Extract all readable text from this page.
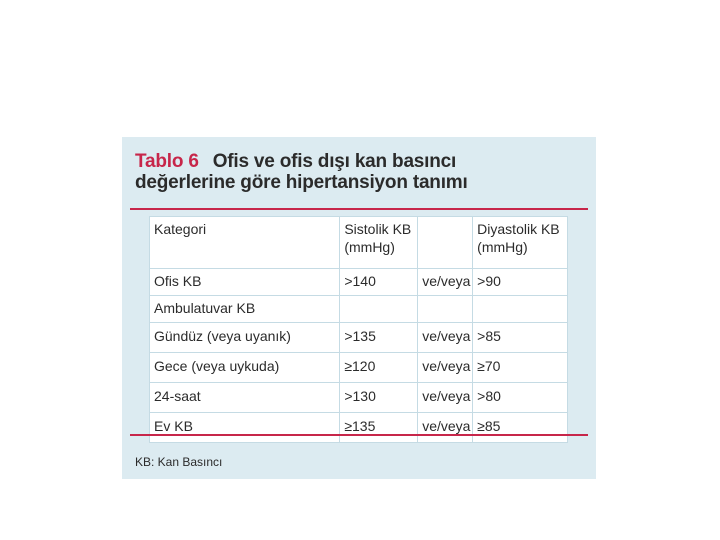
Tablo 6 Ofis ve ofis dışı kan basıncı
değerlerine göre hipertansiyon tanımı
Kategori	Sistolik KB (mmHg)		Diyastolik KB (mmHg)
Ofis KB	>140	ve/veya	>90
Ambulatuvar KB			
Gündüz (veya uyanık)	>135	ve/veya	>85
Gece (veya uykuda)	≥120	ve/veya	≥70
24-saat	>130	ve/veya	>80
Ev KB	≥135	ve/veya	≥85
KB: Kan Basıncı
